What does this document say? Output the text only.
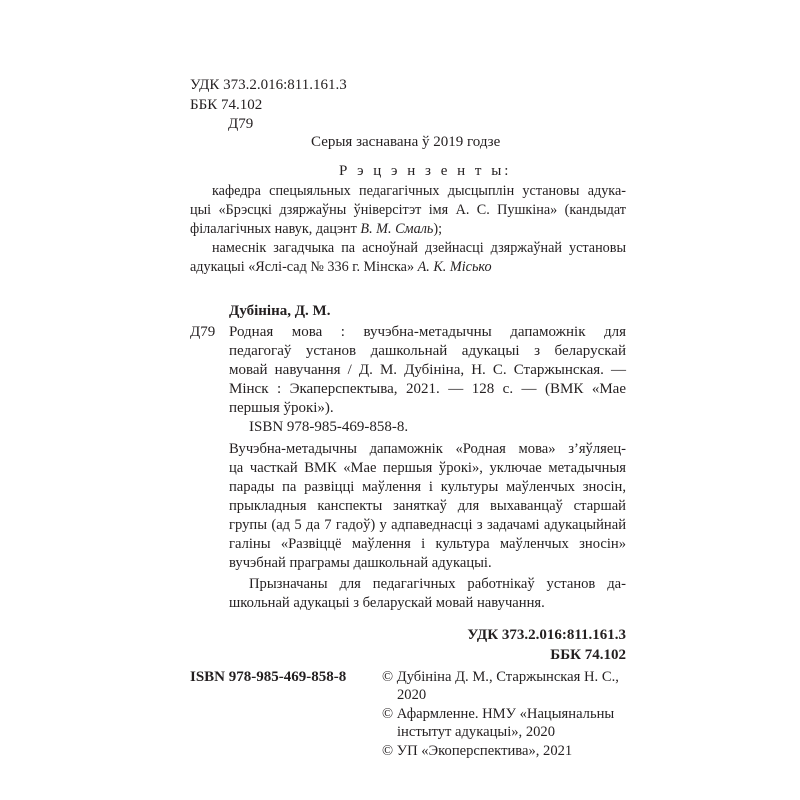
УДК 373.2.016:811.161.3
ББК 74.102
Д79
Серыя заснавана ў 2019 годзе
Р э ц э н з е н т ы:
кафедра спецыяльных педагагічных дысцыплін установы адука-
цыі «Брэсцкі дзяржаўны ўніверсітэт імя А. С. Пушкіна» (кандыдат
філалагічных навук, дацэнт В. М. Смаль);
намеснік загадчыка па асноўнай дзейнасці дзяржаўнай установы
адукацыі «Яслі-сад № 336 г. Мінска» А. К. Місько
Дубініна, Д. М.
Д79 Родная мова : вучэбна-метадычны дапаможнік для
педагогаў установ дашкольнай адукацыі з беларускай
мовай навучання / Д. М. Дубініна, Н. С. Старжынская. —
Мінск : Экаперспектыва, 2021. — 128 с. — (ВМК «Мае
першыя ўрокі»).
ISBN 978-985-469-858-8.
Вучэбна-метадычны дапаможнік «Родная мова» з’яўляец-
ца часткай ВМК «Мае першыя ўрокі», уключае метадычныя
парады па развіцці маўлення і культуры маўленчых зносін,
прыкладныя канспекты заняткаў для выхаванцаў старшай
групы (ад 5 да 7 гадоў) у адпаведнасці з задачамі адукацыйнай
галіны «Развіццё маўлення і культура маўленчых зносін»
вучэбнай праграмы дашкольнай адукацыі.
Прызначаны для педагагічных работнікаў установ да-
школьнай адукацыі з беларускай мовай навучання.
УДК 373.2.016:811.161.3
ББК 74.102
ISBN 978-985-469-858-8 © Дубініна Д. М., Старжынская Н. С.,
2020
© Афармленне. НМУ «Нацыянальны
інстытут адукацыі», 2020
© УП «Экоперспектива», 2021
